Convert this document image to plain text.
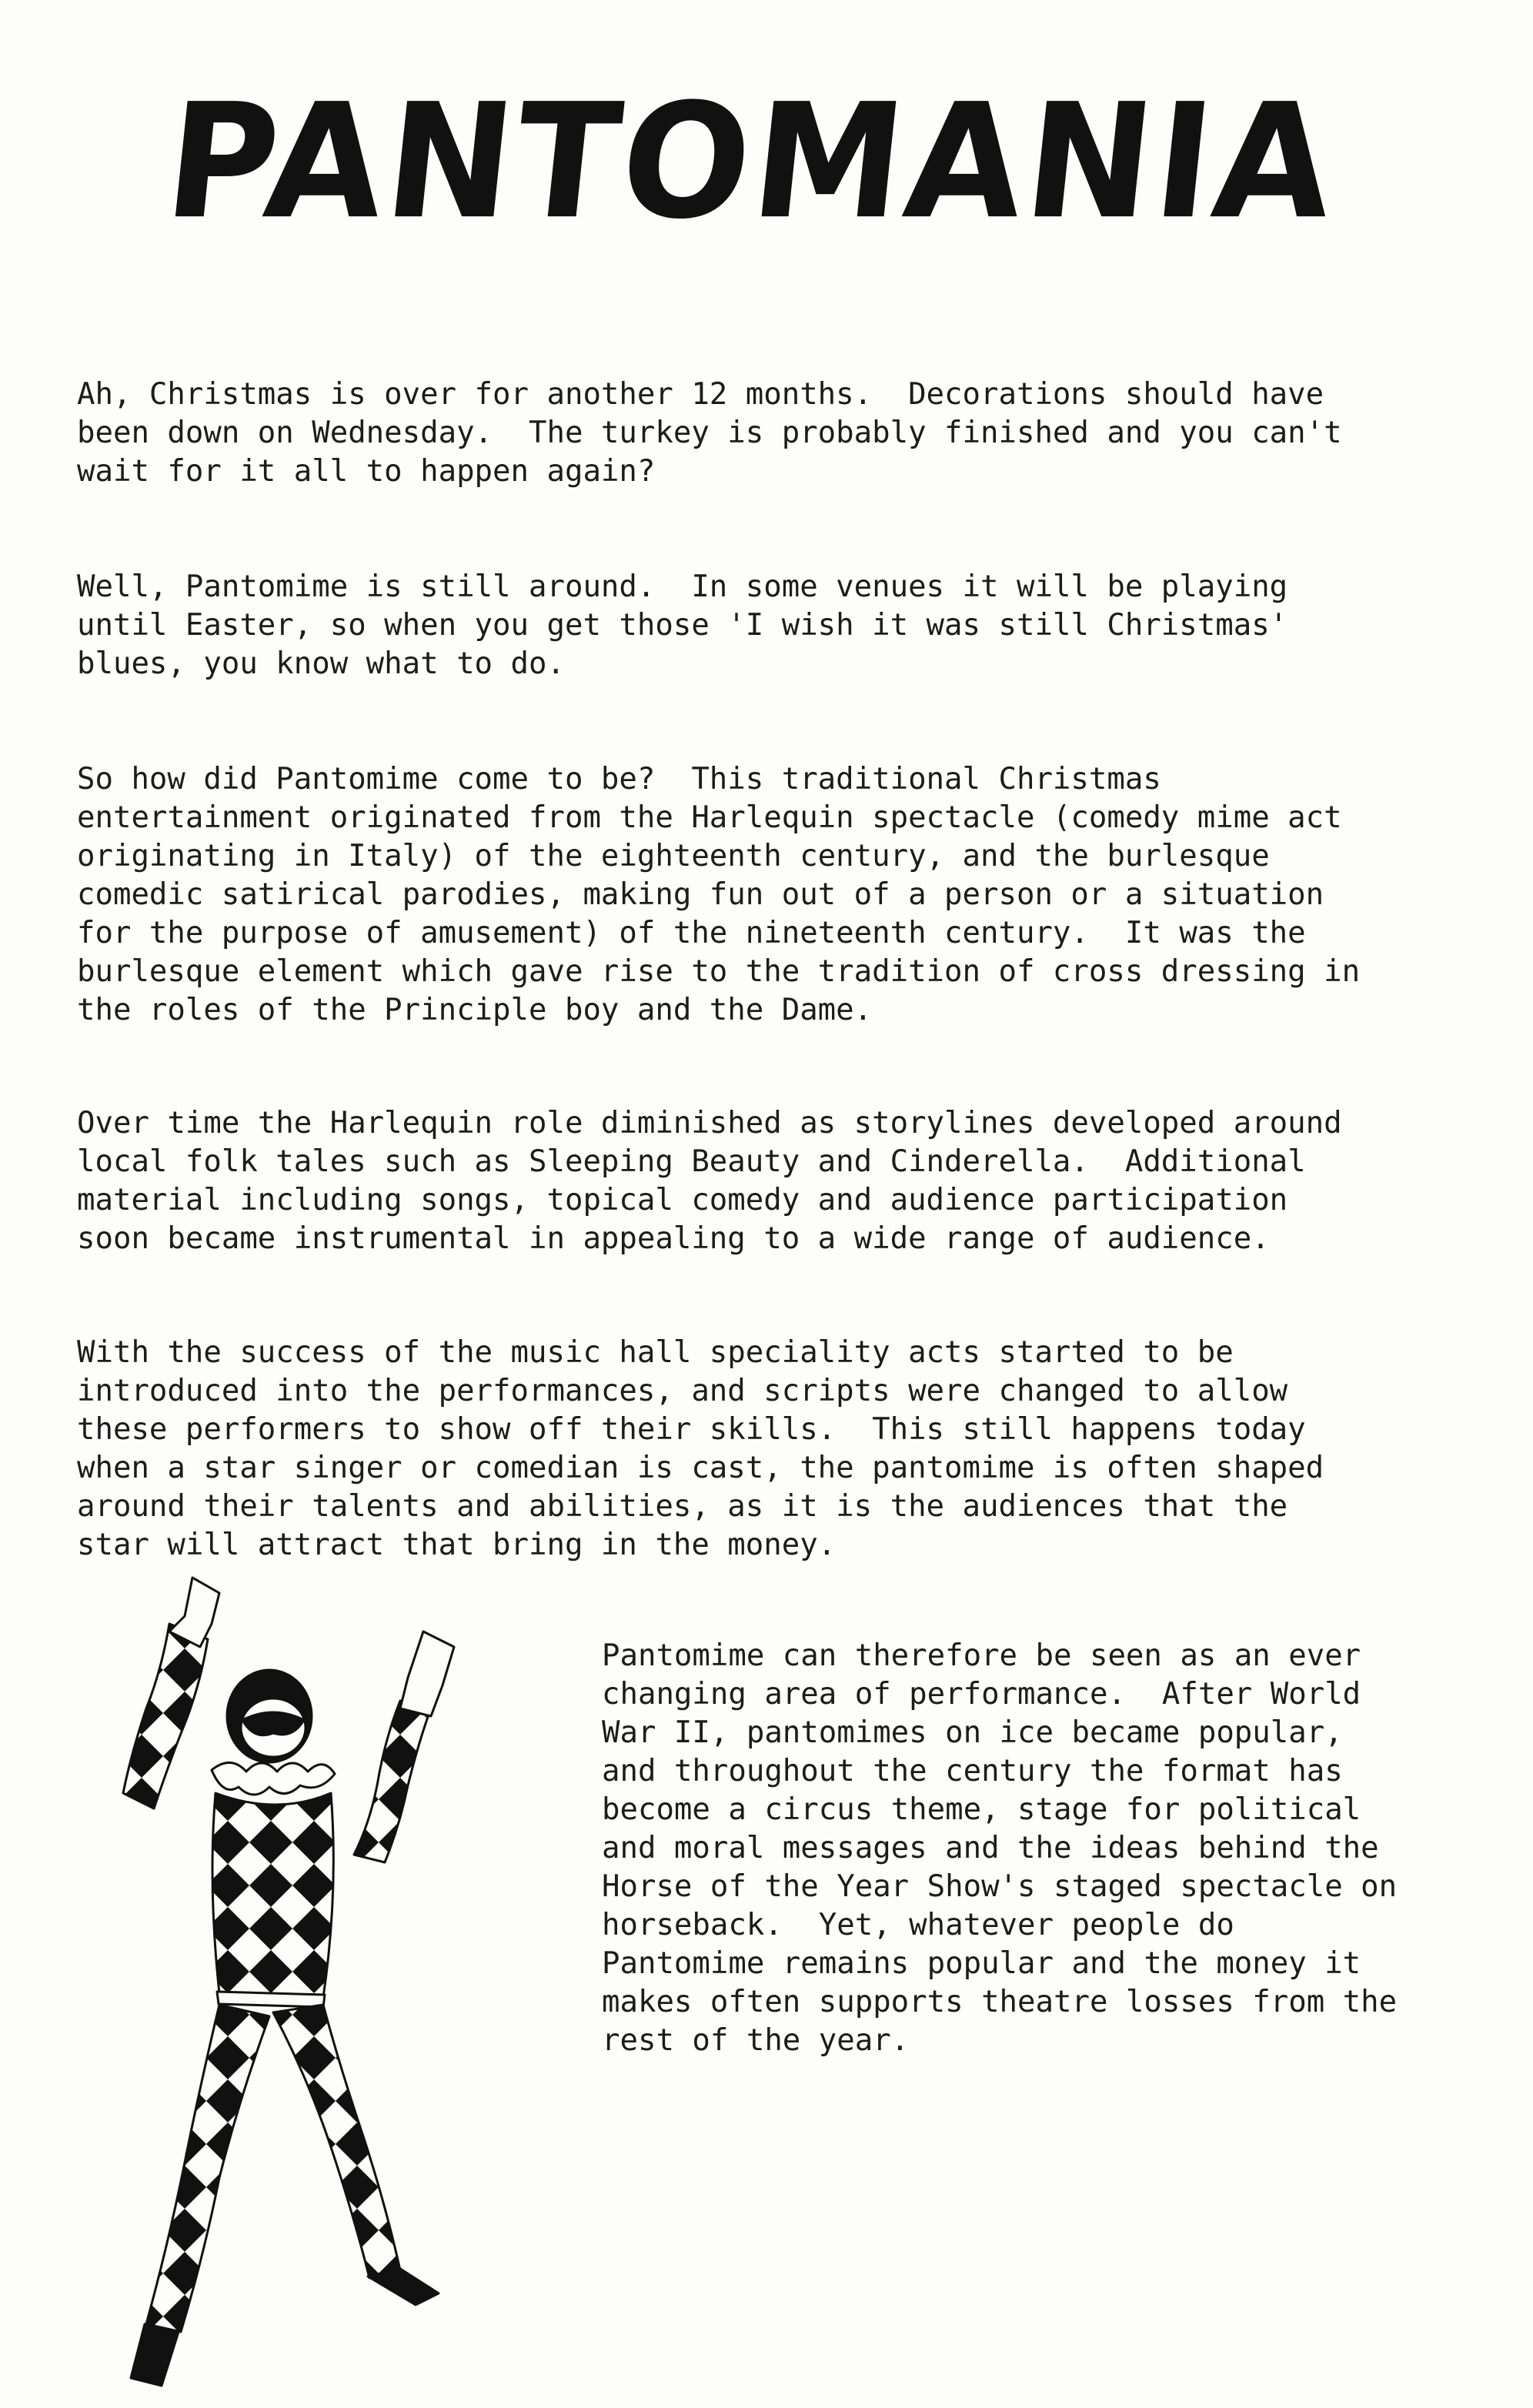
PANTOMANIA

Ah, Christmas is over for another 12 months.  Decorations should have
been down on Wednesday.  The turkey is probably finished and you can't
wait for it all to happen again?

Well, Pantomime is still around.  In some venues it will be playing
until Easter, so when you get those 'I wish it was still Christmas'
blues, you know what to do.

So how did Pantomime come to be?  This traditional Christmas
entertainment originated from the Harlequin spectacle (comedy mime act
originating in Italy) of the eighteenth century, and the burlesque
comedic satirical parodies, making fun out of a person or a situation
for the purpose of amusement) of the nineteenth century.  It was the
burlesque element which gave rise to the tradition of cross dressing in
the roles of the Principle boy and the Dame.

Over time the Harlequin role diminished as storylines developed around
local folk tales such as Sleeping Beauty and Cinderella.  Additional
material including songs, topical comedy and audience participation
soon became instrumental in appealing to a wide range of audience.

With the success of the music hall speciality acts started to be
introduced into the performances, and scripts were changed to allow
these performers to show off their skills.  This still happens today
when a star singer or comedian is cast, the pantomime is often shaped
around their talents and abilities, as it is the audiences that the
star will attract that bring in the money.

Pantomime can therefore be seen as an ever
changing area of performance.  After World
War II, pantomimes on ice became popular,
and throughout the century the format has
become a circus theme, stage for political
and moral messages and the ideas behind the
Horse of the Year Show's staged spectacle on
horseback.  Yet, whatever people do
Pantomime remains popular and the money it
makes often supports theatre losses from the
rest of the year.
